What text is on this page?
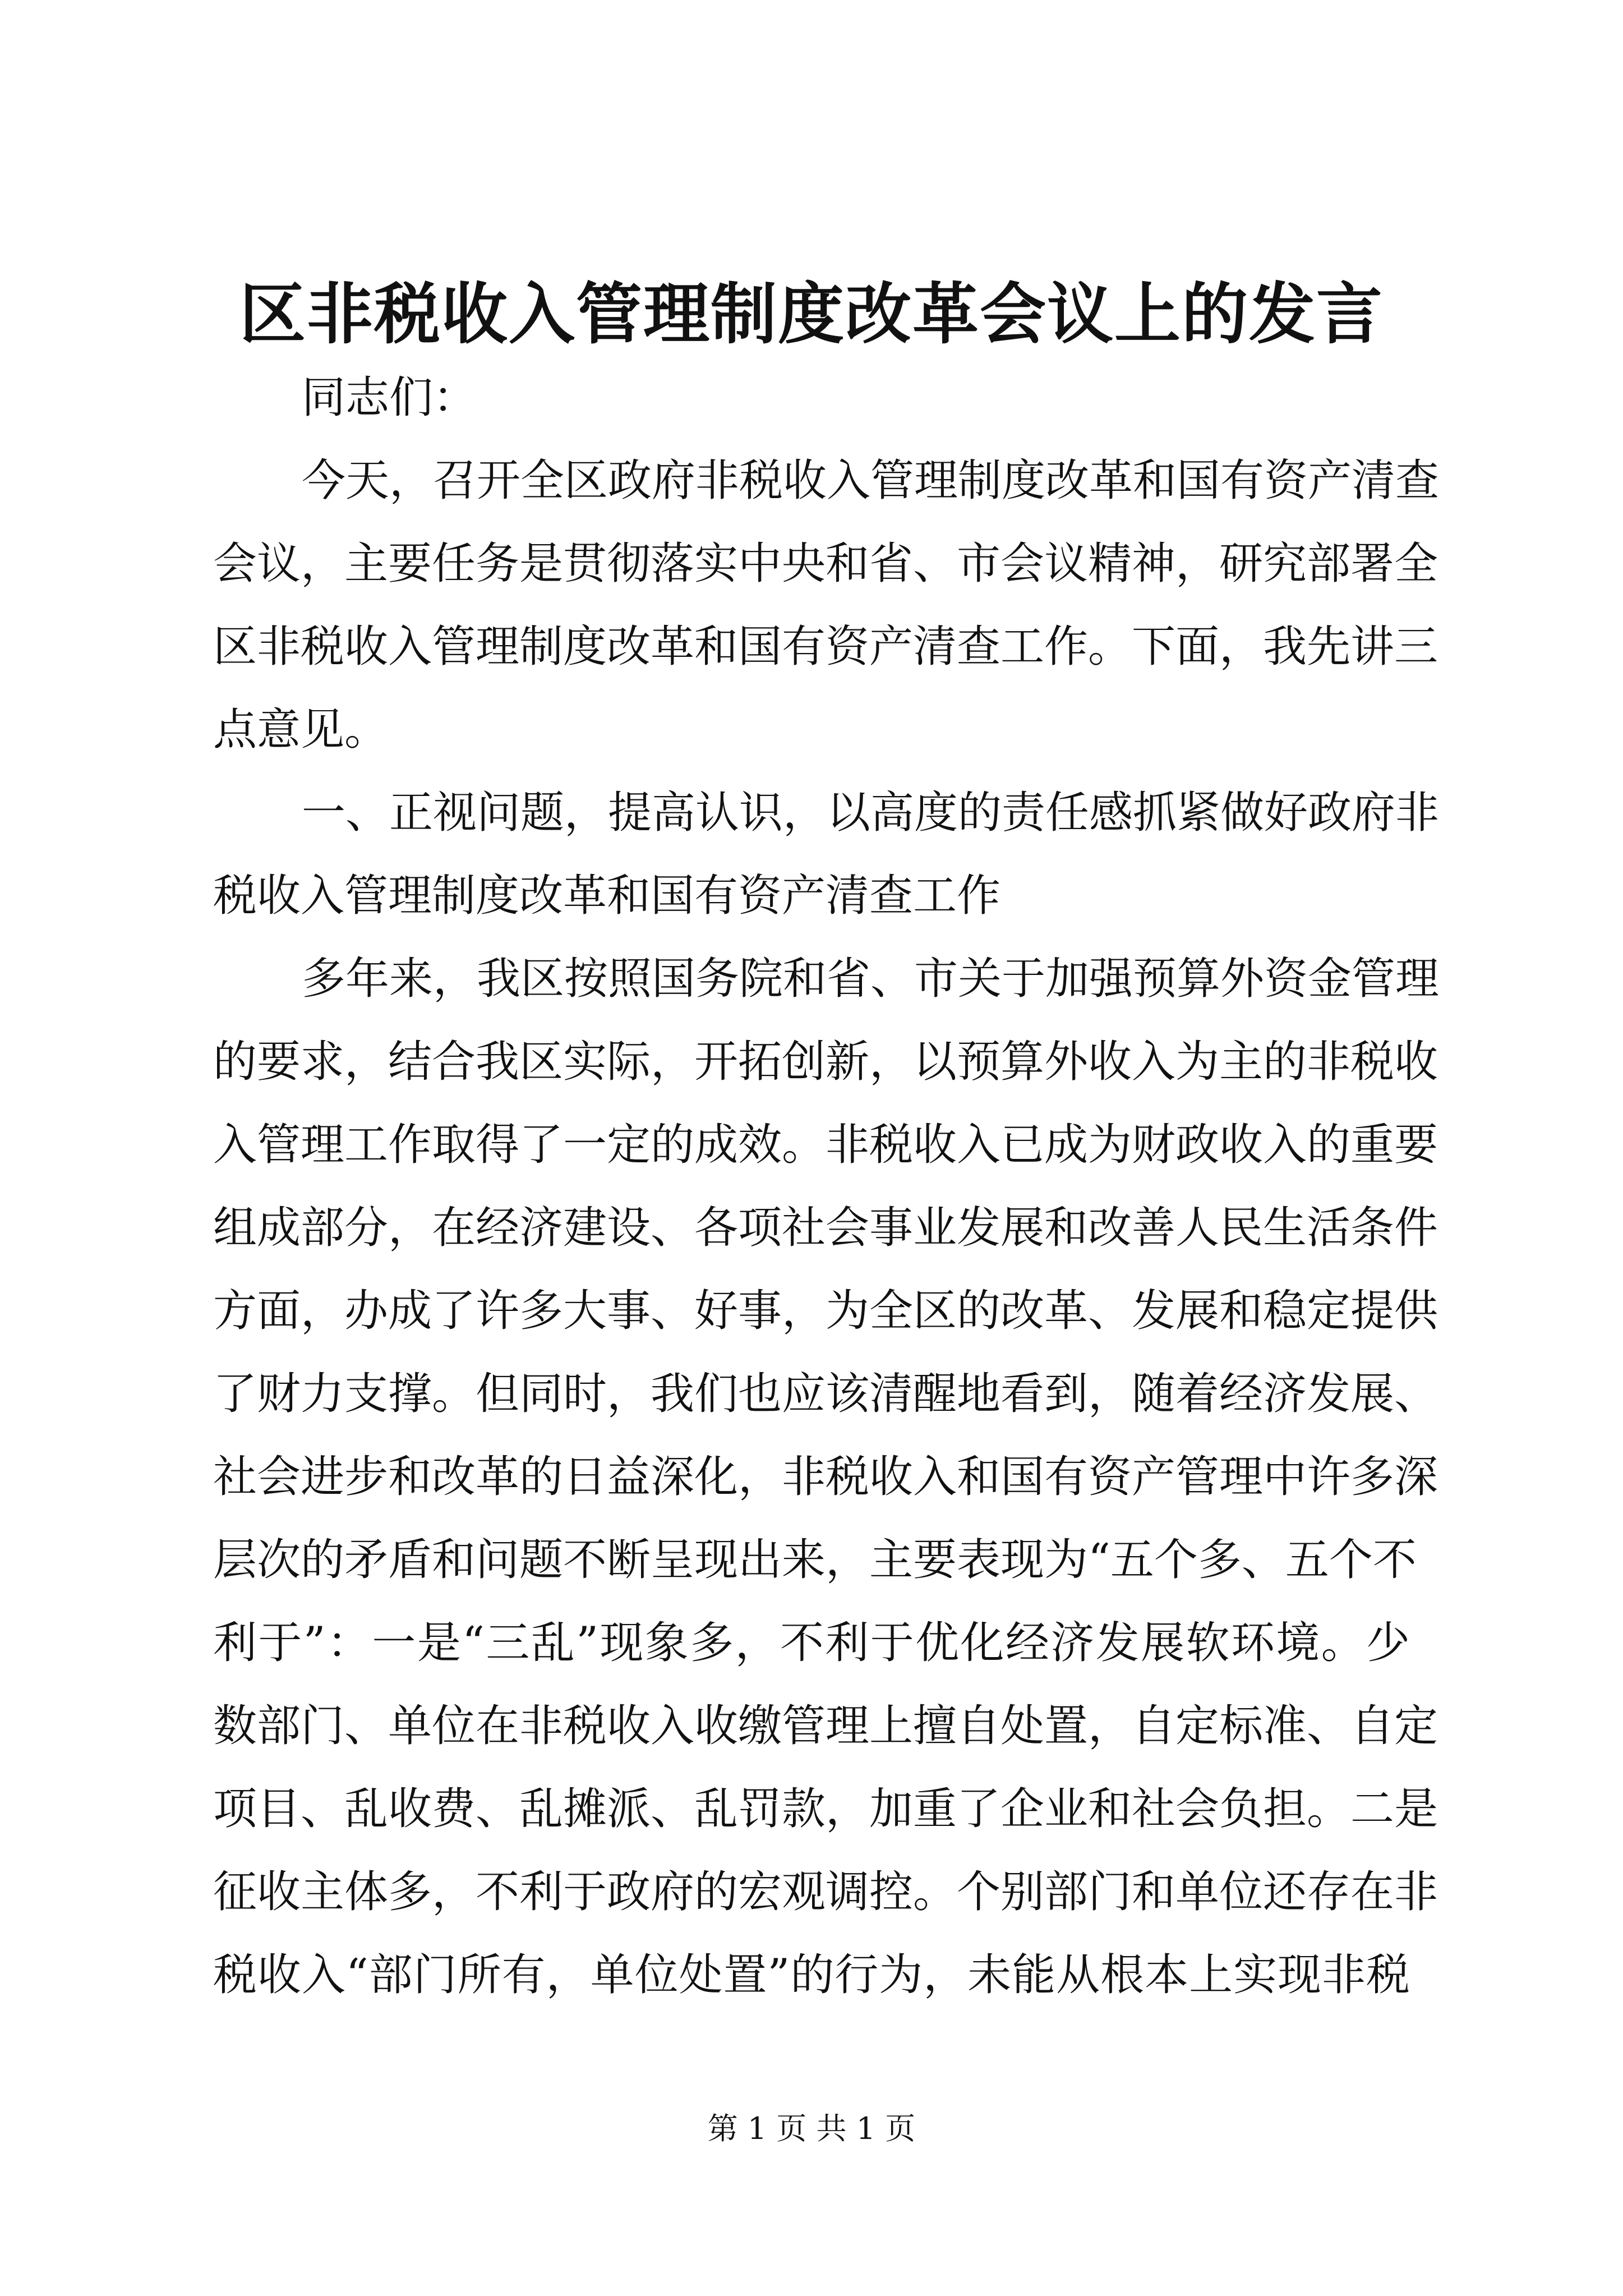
区非税收入管理制度改革会议上的发言
同志们：
今天，召开全区政府非税收入管理制度改革和国有资产清查
会议，主要任务是贯彻落实中央和省、市会议精神，研究部署全
区非税收入管理制度改革和国有资产清查工作。下面，我先讲三
点意见。
一、正视问题，提高认识，以高度的责任感抓紧做好政府非
税收入管理制度改革和国有资产清查工作
多年来，我区按照国务院和省、市关于加强预算外资金管理
的要求，结合我区实际，开拓创新，以预算外收入为主的非税收
入管理工作取得了一定的成效。非税收入已成为财政收入的重要
组成部分，在经济建设、各项社会事业发展和改善人民生活条件
方面，办成了许多大事、好事，为全区的改革、发展和稳定提供
了财力支撑。但同时，我们也应该清醒地看到，随着经济发展、
社会进步和改革的日益深化，非税收入和国有资产管理中许多深
层次的矛盾和问题不断呈现出来，主要表现为“五个多、五个不
利于”：一是“三乱”现象多，不利于优化经济发展软环境。少
数部门、单位在非税收入收缴管理上擅自处置，自定标准、自定
项目、乱收费、乱摊派、乱罚款，加重了企业和社会负担。二是
征收主体多，不利于政府的宏观调控。个别部门和单位还存在非
税收入“部门所有，单位处置”的行为，未能从根本上实现非税
第 1 页 共 1 页
